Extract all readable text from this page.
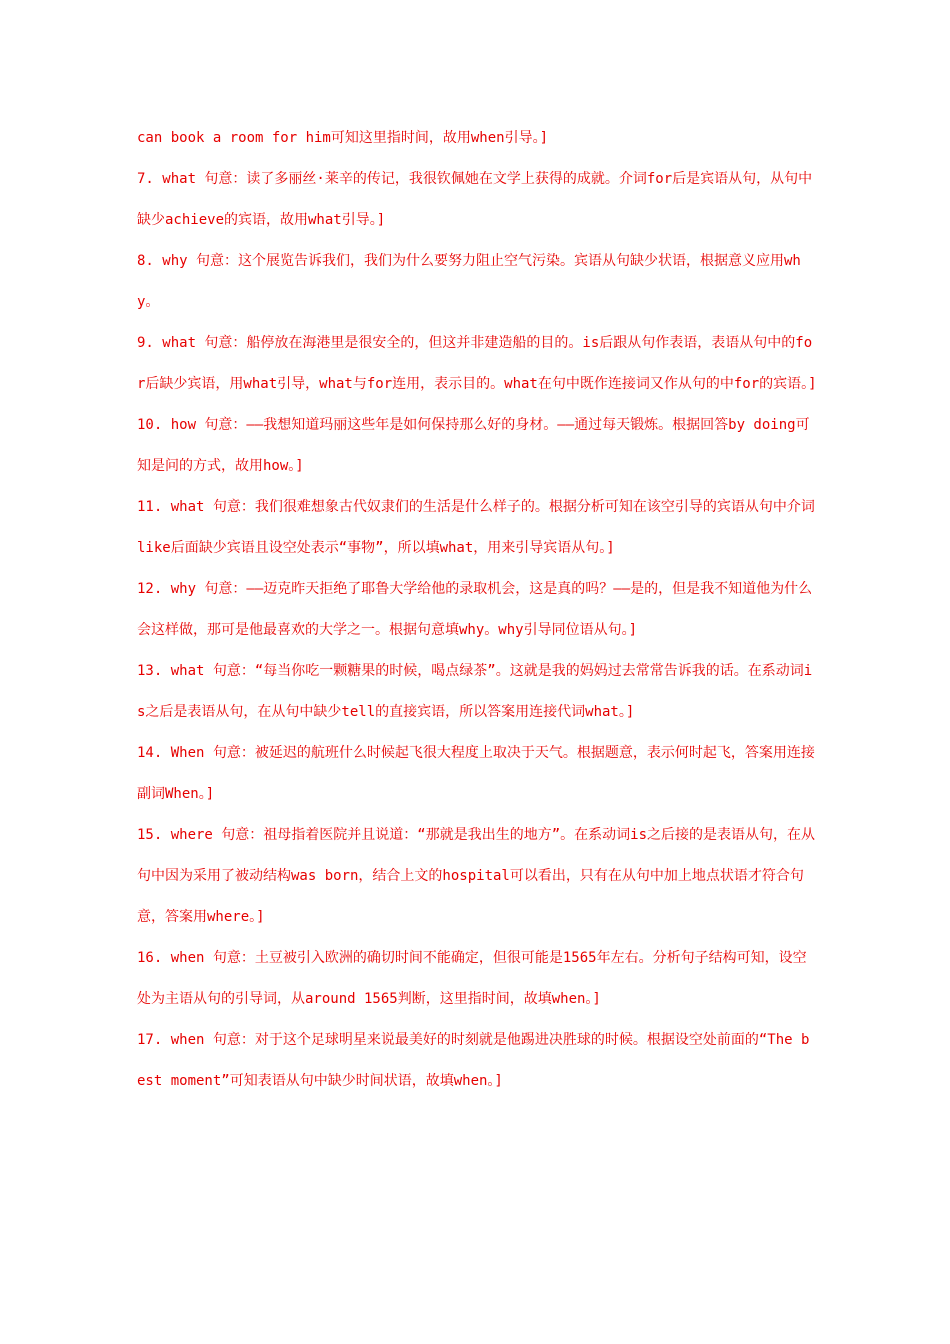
can book a room for him可知这里指时间，故用when引导。]

7. what 句意：读了多丽丝·莱辛的传记，我很钦佩她在文学上获得的成就。介词for后是宾语从句，从句中缺少achieve的宾语，故用what引导。]

8. why 句意：这个展览告诉我们，我们为什么要努力阻止空气污染。宾语从句缺少状语，根据意义应用why。

9. what 句意：船停放在海港里是很安全的，但这并非建造船的目的。is后跟从句作表语，表语从句中的for后缺少宾语，用what引导，what与for连用，表示目的。what在句中既作连接词又作从句的中for的宾语。]

10. how 句意：——我想知道玛丽这些年是如何保持那么好的身材。——通过每天锻炼。根据回答by doing可知是问的方式，故用how。]

11. what 句意：我们很难想象古代奴隶们的生活是什么样子的。根据分析可知在该空引导的宾语从句中介词like后面缺少宾语且设空处表示“事物”，所以填what，用来引导宾语从句。]

12. why 句意：——迈克昨天拒绝了耶鲁大学给他的录取机会，这是真的吗？——是的，但是我不知道他为什么会这样做，那可是他最喜欢的大学之一。根据句意填why。why引导同位语从句。]

13. what 句意：“每当你吃一颗糖果的时候，喝点绿茶”。这就是我的妈妈过去常常告诉我的话。在系动词is之后是表语从句，在从句中缺少tell的直接宾语，所以答案用连接代词what。]

14. When 句意：被延迟的航班什么时候起飞很大程度上取决于天气。根据题意，表示何时起飞，答案用连接副词When。]

15. where 句意：祖母指着医院并且说道：“那就是我出生的地方”。在系动词is之后接的是表语从句，在从句中因为采用了被动结构was born，结合上文的hospital可以看出，只有在从句中加上地点状语才符合句意，答案用where。]

16. when 句意：土豆被引入欧洲的确切时间不能确定，但很可能是1565年左右。分析句子结构可知，设空处为主语从句的引导词，从around 1565判断，这里指时间，故填when。]

17. when 句意：对于这个足球明星来说最美好的时刻就是他踢进决胜球的时候。根据设空处前面的“The best moment”可知表语从句中缺少时间状语，故填when。]
